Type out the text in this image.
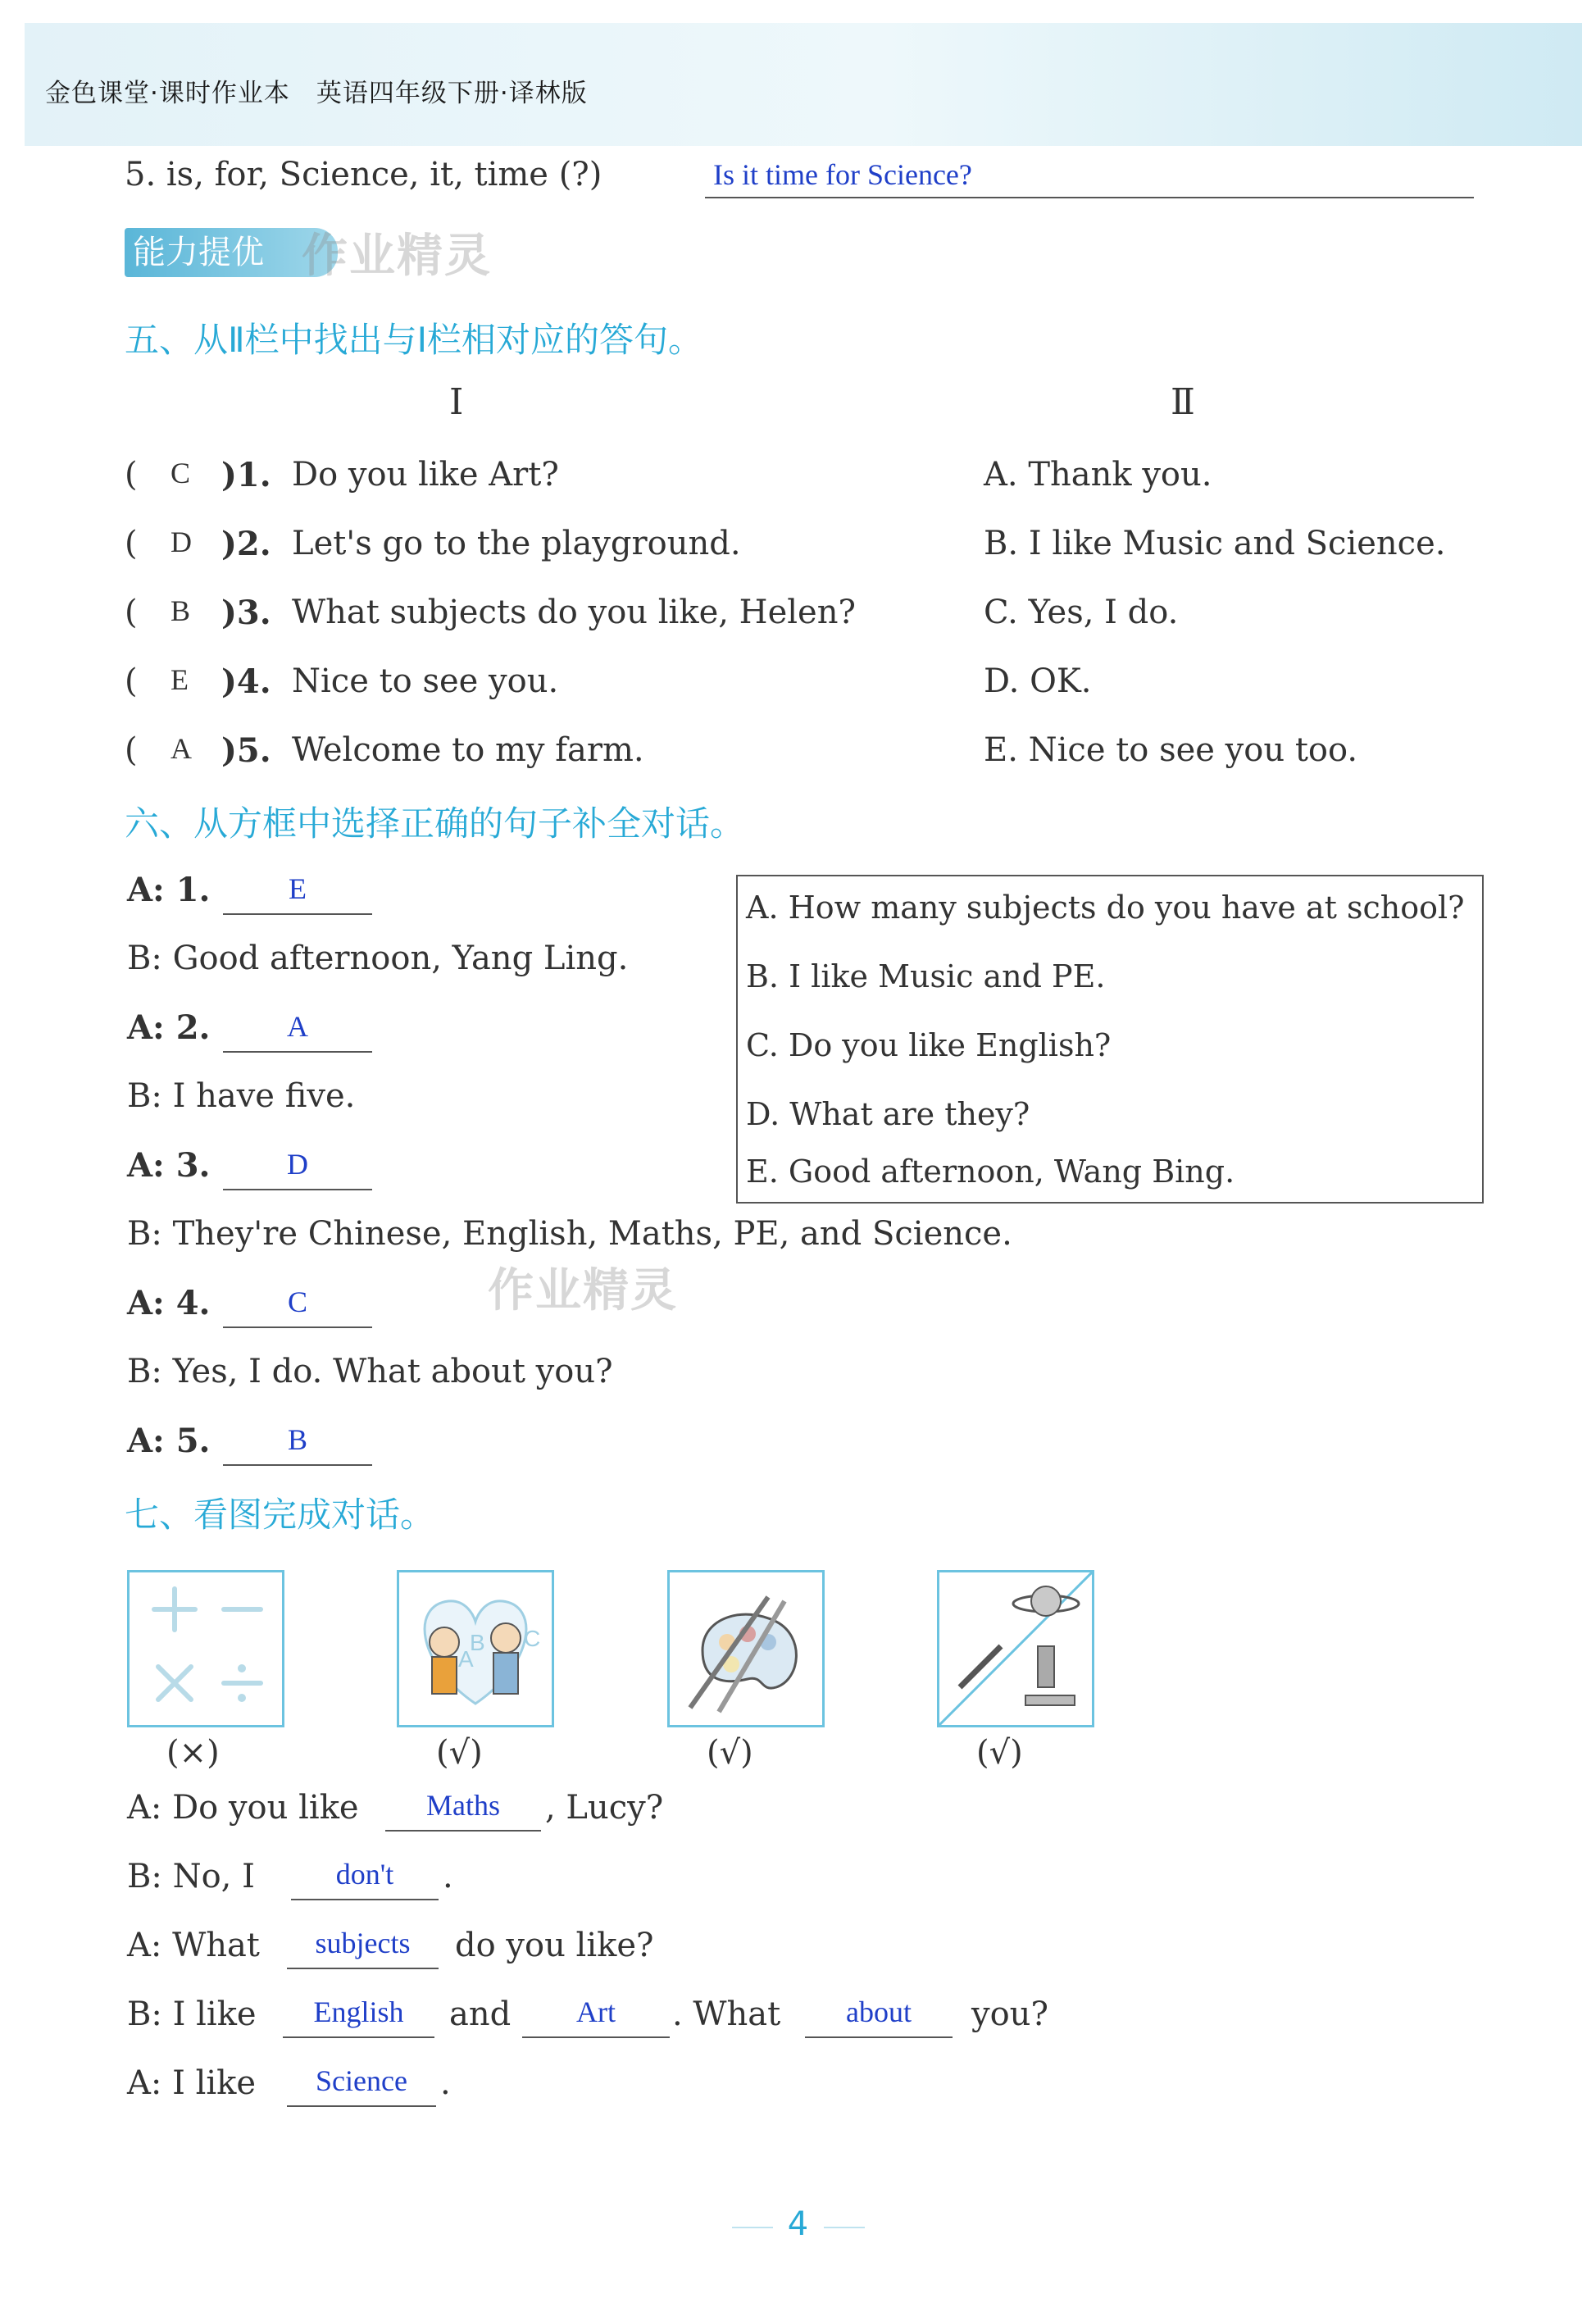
金色课堂·课时作业本　英语四年级下册·译林版
5. is, for, Science, it, time (?)	Is it time for Science?
能力提优 作业精灵
五、从Ⅱ栏中找出与Ⅰ栏相对应的答句。
Ⅰ	Ⅱ
( C )1. Do you like Art?	A. Thank you.
( D )2. Let's go to the playground.	B. I like Music and Science.
( B )3. What subjects do you like, Helen?	C. Yes, I do.
( E )4. Nice to see you.	D. OK.
( A )5. Welcome to my farm.	E. Nice to see you too.
六、从方框中选择正确的句子补全对话。
A: 1.	E
B: Good afternoon, Yang Ling.
A: 2.	A
B: I have five.
A: 3.	D
B: They're Chinese, English, Maths, PE, and Science.
作业精灵
A: 4.	C
B: Yes, I do. What about you?
A: 5.	B
A. How many subjects do you have at school?
B. I like Music and PE.
C. Do you like English?
D. What are they?
E. Good afternoon, Wang Bing.
七、看图完成对话。
A
B C
(×)	(√)	(√)	(√)
A: Do you like	Maths	, Lucy?
B: No, I	don't	.
A: What	subjects	do you like?
B: I like	English	and	Art	. What	about	you?
A: I like	Science	.
4
